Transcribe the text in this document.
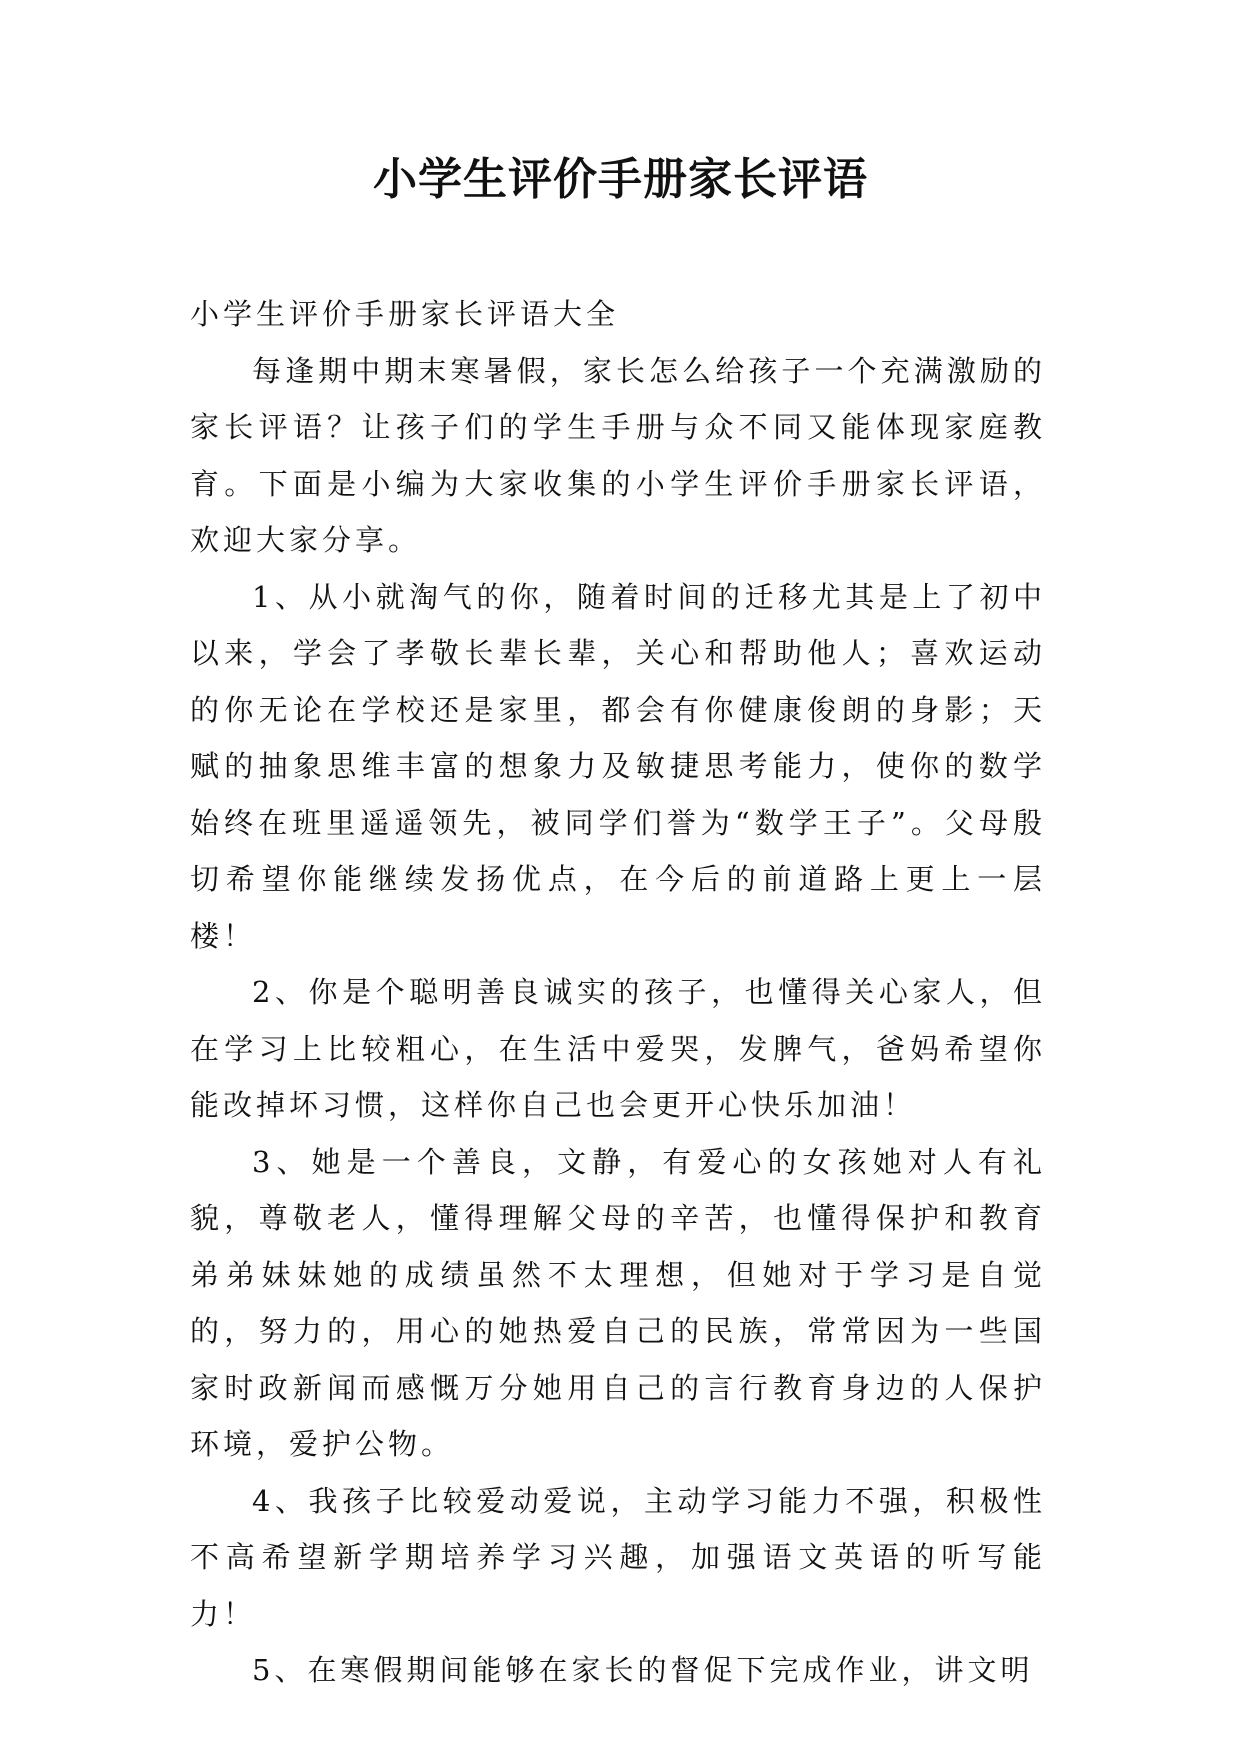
小学生评价手册家长评语

小学生评价手册家长评语大全

每逢期中期末寒暑假，家长怎么给孩子一个充满激励的家长评语？让孩子们的学生手册与众不同又能体现家庭教育。下面是小编为大家收集的小学生评价手册家长评语，欢迎大家分享。

1、从小就淘气的你，随着时间的迁移尤其是上了初中以来，学会了孝敬长辈长辈，关心和帮助他人；喜欢运动的你无论在学校还是家里，都会有你健康俊朗的身影；天赋的抽象思维丰富的想象力及敏捷思考能力，使你的数学始终在班里遥遥领先，被同学们誉为“数学王子”。父母殷切希望你能继续发扬优点，在今后的前道路上更上一层楼！

2、你是个聪明善良诚实的孩子，也懂得关心家人，但在学习上比较粗心，在生活中爱哭，发脾气，爸妈希望你能改掉坏习惯，这样你自己也会更开心快乐加油！

3、她是一个善良，文静，有爱心的女孩她对人有礼貌，尊敬老人，懂得理解父母的辛苦，也懂得保护和教育弟弟妹妹她的成绩虽然不太理想，但她对于学习是自觉的，努力的，用心的她热爱自己的民族，常常因为一些国家时政新闻而感慨万分她用自己的言行教育身边的人保护环境，爱护公物。

4、我孩子比较爱动爱说，主动学习能力不强，积极性不高希望新学期培养学习兴趣，加强语文英语的听写能力！

5、在寒假期间能够在家长的督促下完成作业，讲文明
